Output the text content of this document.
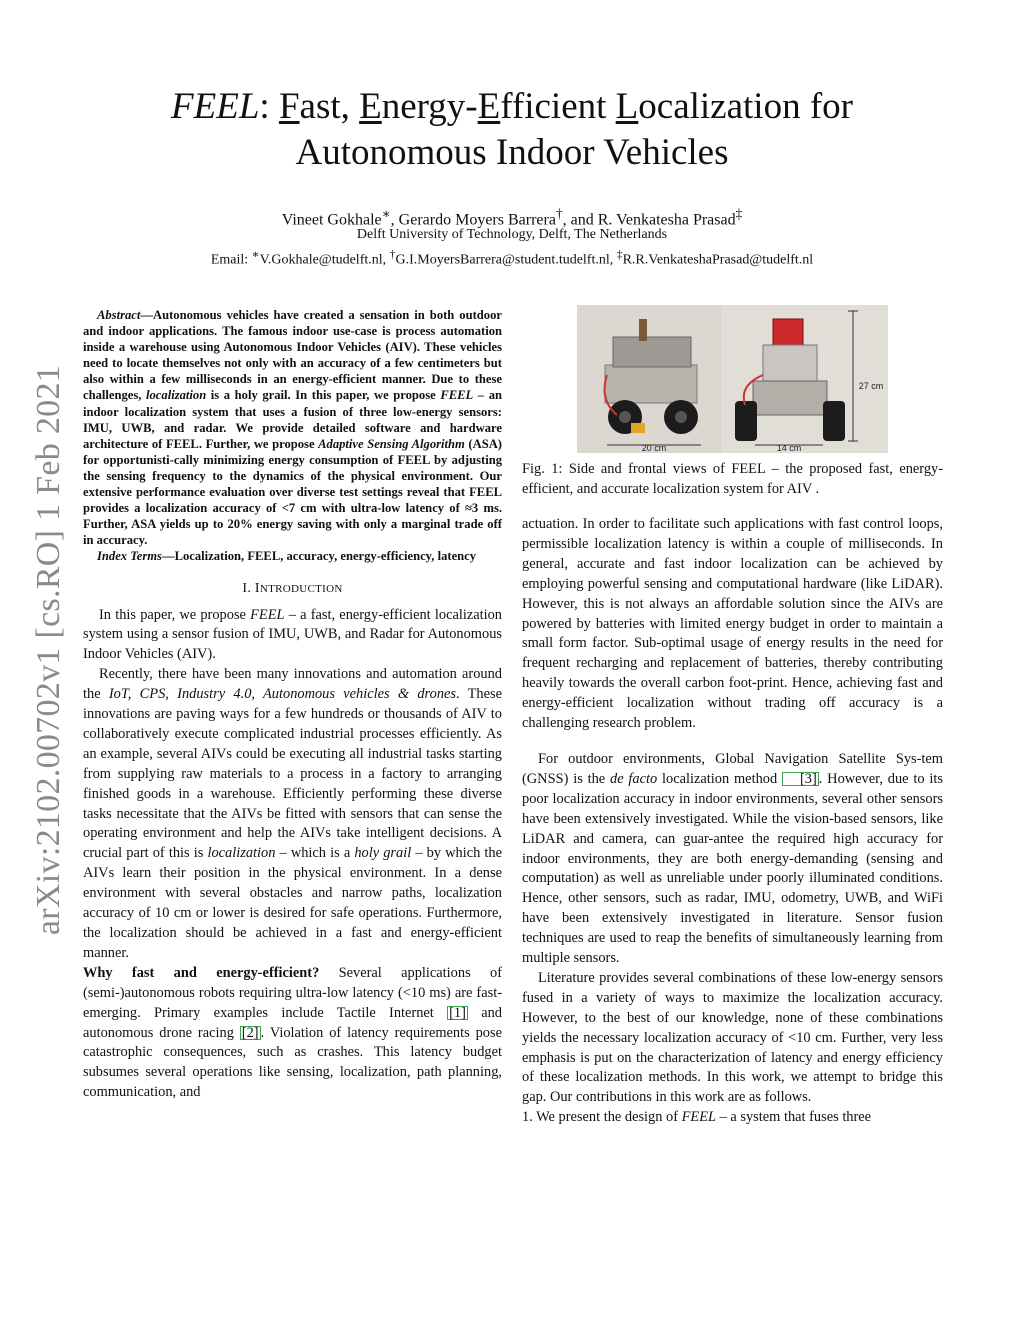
arXiv:2102.00702v1 [cs.RO] 1 Feb 2021
FEEL: Fast, Energy-Efficient Localization for
Autonomous Indoor Vehicles
Vineet Gokhale∗, Gerardo Moyers Barrera†, and R. Venkatesha Prasad‡
Delft University of Technology, Delft, The Netherlands
Email: ∗V.Gokhale@tudelft.nl, †G.I.MoyersBarrera@student.tudelft.nl, ‡R.R.VenkateshaPrasad@tudelft.nl

Abstract—Autonomous vehicles have created a sensation in both outdoor and indoor applications. The famous indoor use-case is process automation inside a warehouse using Autonomous Indoor Vehicles (AIV). These vehicles need to locate themselves not only with an accuracy of a few centimeters but also within a few milliseconds in an energy-efficient manner. Due to these challenges, localization is a holy grail. In this paper, we propose FEEL – an indoor localization system that uses a fusion of three low-energy sensors: IMU, UWB, and radar. We provide detailed software and hardware architecture of FEEL. Further, we propose Adaptive Sensing Algorithm (ASA) for opportunisti-cally minimizing energy consumption of FEEL by adjusting the sensing frequency to the dynamics of the physical environment. Our extensive performance evaluation over diverse test settings reveal that FEEL provides a localization accuracy of <7 cm with ultra-low latency of ≈3 ms. Further, ASA yields up to 20% energy saving with only a marginal trade off in accuracy.

Index Terms—Localization, FEEL, accuracy, energy-efficiency, latency

I. INTRODUCTION

In this paper, we propose FEEL – a fast, energy-efficient localization system using a sensor fusion of IMU, UWB, and Radar for Autonomous Indoor Vehicles (AIV).

Recently, there have been many innovations and automation around the IoT, CPS, Industry 4.0, Autonomous vehicles & drones. These innovations are paving ways for a few hundreds or thousands of AIV to collaboratively execute complicated industrial processes efficiently. As an example, several AIVs could be executing all industrial tasks starting from supplying raw materials to a process in a factory to arranging finished goods in a warehouse. Efficiently performing these diverse tasks necessitate that the AIVs be fitted with sensors that can sense the operating environment and help the AIVs take intelligent decisions. A crucial part of this is localization – which is a holy grail – by which the AIVs learn their position in the physical environment. In a dense environment with several obstacles and narrow paths, localization accuracy of 10 cm or lower is desired for safe operations. Furthermore, the localization should be achieved in a fast and energy-efficient manner.

Why fast and energy-efficient? Several applications of (semi-)autonomous robots requiring ultra-low latency (<10 ms) are fast-emerging. Primary examples include Tactile Internet [1] and autonomous drone racing [2] . Violation of latency requirements pose catastrophic consequences, such as crashes. This latency budget subsumes several operations like sensing, localization, path planning, communication, and

20 cm	14 cm
27 cm
Fig. 1: Side and frontal views of FEEL – the proposed fast, energy-efficient, and accurate localization system for AIV .

actuation. In order to facilitate such applications with fast control loops, permissible localization latency is within a couple of milliseconds. In general, accurate and fast indoor localization can be achieved by employing powerful sensing and computational hardware (like LiDAR). However, this is not always an affordable solution since the AIVs are powered by batteries with limited energy budget in order to maintain a small form factor. Sub-optimal usage of energy results in the need for frequent recharging and replacement of batteries, thereby contributing heavily towards the overall carbon foot-print. Hence, achieving fast and energy-efficient localization without trading off accuracy is a challenging research problem.

For outdoor environments, Global Navigation Satellite Sys-tem (GNSS) is the de facto localization method [3] . However, due to its poor localization accuracy in indoor environments, several other sensors have been extensively investigated. While the vision-based sensors, like LiDAR and camera, can guar-antee the required high accuracy for indoor environments, they are both energy-demanding (sensing and computation) as well as unreliable under poorly illuminated conditions. Hence, other sensors, such as radar, IMU, odometry, UWB, and WiFi have been extensively investigated in literature. Sensor fusion techniques are used to reap the benefits of simultaneously learning from multiple sensors.

Literature provides several combinations of these low-energy sensors fused in a variety of ways to maximize the localization accuracy. However, to the best of our knowledge, none of these combinations yields the necessary localization accuracy of <10 cm. Further, very less emphasis is put on the characterization of latency and energy efficiency of these localization methods. In this work, we attempt to bridge this gap. Our contributions in this work are as follows.

1. We present the design of FEEL – a system that fuses three
